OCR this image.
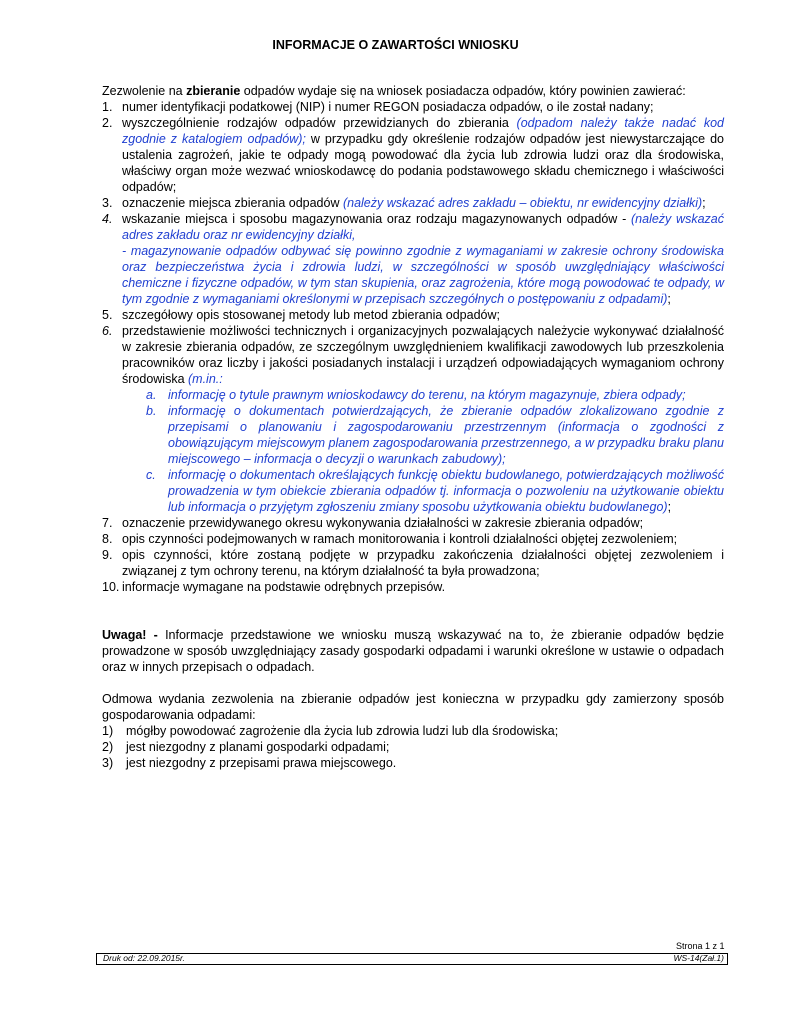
INFORMACJE O ZAWARTOŚCI WNIOSKU

Zezwolenie na zbieranie odpadów wydaje się na wniosek posiadacza odpadów, który powinien zawierać:

1. numer identyfikacji podatkowej (NIP) i numer REGON posiadacza odpadów, o ile został nadany;
2. wyszczególnienie rodzajów odpadów przewidzianych do zbierania (odpadom należy także nadać kod zgodnie z katalogiem odpadów); w przypadku gdy określenie rodzajów odpadów jest niewystarczające do ustalenia zagrożeń, jakie te odpady mogą powodować dla życia lub zdrowia ludzi oraz dla środowiska, właściwy organ może wezwać wnioskodawcę do podania podstawowego składu chemicznego i właściwości odpadów;
3. oznaczenie miejsca zbierania odpadów (należy wskazać adres zakładu – obiektu, nr ewidencyjny działki);
4. wskazanie miejsca i sposobu magazynowania oraz rodzaju magazynowanych odpadów - (należy wskazać adres zakładu oraz nr ewidencyjny działki,
- magazynowanie odpadów odbywać się powinno zgodnie z wymaganiami w zakresie ochrony środowiska oraz bezpieczeństwa życia i zdrowia ludzi, w szczególności w sposób uwzględniający właściwości chemiczne i fizyczne odpadów, w tym stan skupienia, oraz zagrożenia, które mogą powodować te odpady, w tym zgodnie z wymaganiami określonymi w przepisach szczegółnych o postępowaniu z odpadami);
5. szczegółowy opis stosowanej metody lub metod zbierania odpadów;
6. przedstawienie możliwości technicznych i organizacyjnych pozwalających należycie wykonywać działalność w zakresie zbierania odpadów, ze szczególnym uwzględnieniem kwalifikacji zawodowych lub przeszkolenia pracowników oraz liczby i jakości posiadanych instalacji i urządzeń odpowiadających wymaganiom ochrony środowiska (m.in.:
a. informację o tytule prawnym wnioskodawcy do terenu, na którym magazynuje, zbiera odpady;
b. informację o dokumentach potwierdzających, że zbieranie odpadów zlokalizowano zgodnie z przepisami o planowaniu i zagospodarowaniu przestrzennym (informacja o zgodności z obowiązującym miejscowym planem zagospodarowania przestrzennego, a w przypadku braku planu miejscowego – informacja o decyzji o warunkach zabudowy);
c. informację o dokumentach określających funkcję obiektu budowlanego, potwierdzających możliwość prowadzenia w tym obiekcie zbierania odpadów tj. informacja o pozwoleniu na użytkowanie obiektu lub informacja o przyjętym zgłoszeniu zmiany sposobu użytkowania obiektu budowlanego);
7. oznaczenie przewidywanego okresu wykonywania działalności w zakresie zbierania odpadów;
8. opis czynności podejmowanych w ramach monitorowania i kontroli działalności objętej zezwoleniem;
9. opis czynności, które zostaną podjęte w przypadku zakończenia działalności objętej zezwoleniem i związanej z tym ochrony terenu, na którym działalność ta była prowadzona;
10. informacje wymagane na podstawie odrębnych przepisów.

Uwaga! - Informacje przedstawione we wniosku muszą wskazywać na to, że zbieranie odpadów będzie prowadzone w sposób uwzględniający zasady gospodarki odpadami i warunki określone w ustawie o odpadach oraz w innych przepisach o odpadach.

Odmowa wydania zezwolenia na zbieranie odpadów jest konieczna w przypadku gdy zamierzony sposób gospodarowania odpadami:

1) mógłby powodować zagrożenie dla życia lub zdrowia ludzi lub dla środowiska;
2) jest niezgodny z planami gospodarki odpadami;
3) jest niezgodny z przepisami prawa miejscowego.
Strona 1 z 1
Druk od: 22.09.2015r.	WS-14(Zał.1)
